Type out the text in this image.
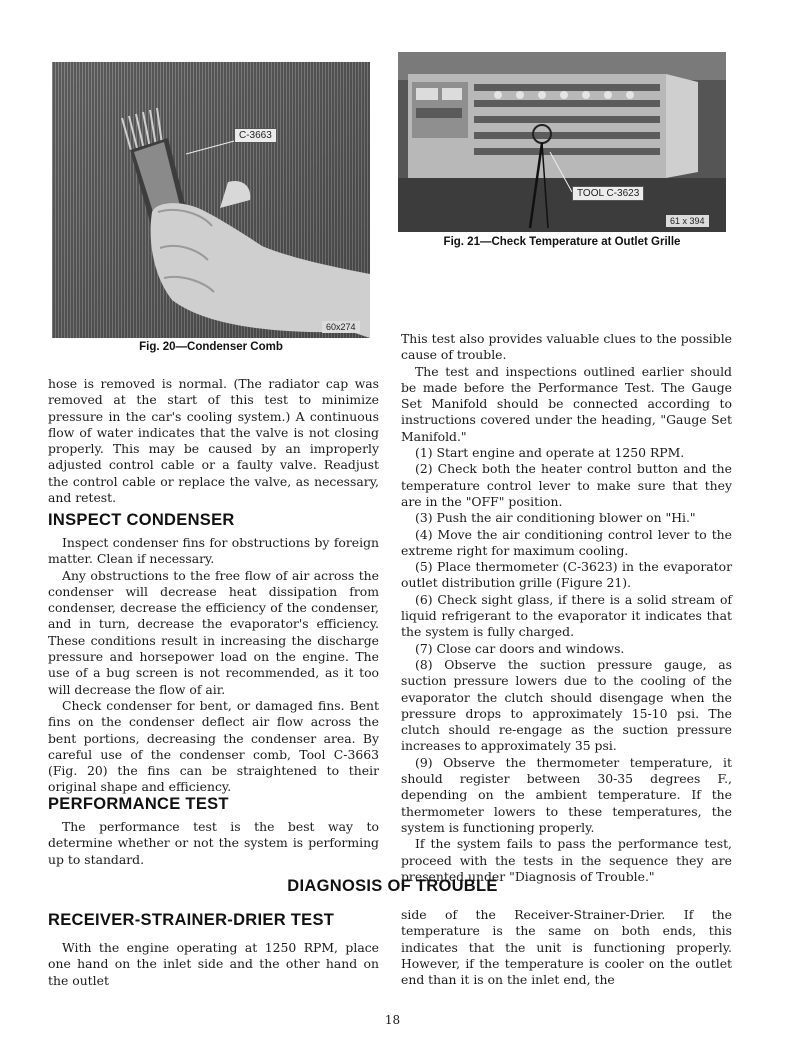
C-3663
60x274
Fig. 20—Condenser Comb
TOOL C-3623
61 x 394
Fig. 21—Check Temperature at Outlet Grille

hose is removed is normal. (The radiator cap was removed at the start of this test to minimize pressure in the car's cooling system.) A continuous flow of water indicates that the valve is not closing properly. This may be caused by an improperly adjusted control cable or a faulty valve. Readjust the control cable or replace the valve, as necessary, and retest.

INSPECT CONDENSER

Inspect condenser fins for obstructions by foreign matter. Clean if necessary.

Any obstructions to the free flow of air across the condenser will decrease heat dissipation from condenser, decrease the efficiency of the condenser, and in turn, decrease the evaporator's efficiency. These conditions result in increasing the discharge pressure and horsepower load on the engine. The use of a bug screen is not recommended, as it too will decrease the flow of air.

Check condenser for bent, or damaged fins. Bent fins on the condenser deflect air flow across the bent portions, decreasing the condenser area. By careful use of the condenser comb, Tool C-3663 (Fig. 20) the fins can be straightened to their original shape and efficiency.

PERFORMANCE TEST

The performance test is the best way to determine whether or not the system is performing up to standard.

This test also provides valuable clues to the possible cause of trouble.

The test and inspections outlined earlier should be made before the Performance Test. The Gauge Set Manifold should be connected according to instructions covered under the heading, "Gauge Set Manifold."

(1) Start engine and operate at 1250 RPM.

(2) Check both the heater control button and the temperature control lever to make sure that they are in the "OFF" position.

(3) Push the air conditioning blower on "Hi."

(4) Move the air conditioning control lever to the extreme right for maximum cooling.

(5) Place thermometer (C-3623) in the evaporator outlet distribution grille (Figure 21).

(6) Check sight glass, if there is a solid stream of liquid refrigerant to the evaporator it indicates that the system is fully charged.

(7) Close car doors and windows.

(8) Observe the suction pressure gauge, as suction pressure lowers due to the cooling of the evaporator the clutch should disengage when the pressure drops to approximately 15-10 psi. The clutch should re-engage as the suction pressure increases to approximately 35 psi.

(9) Observe the thermometer temperature, it should register between 30-35 degrees F., depending on the ambient temperature. If the thermometer lowers to these temperatures, the system is functioning properly.

If the system fails to pass the performance test, proceed with the tests in the sequence they are presented under "Diagnosis of Trouble."

DIAGNOSIS OF TROUBLE
RECEIVER-STRAINER-DRIER TEST

With the engine operating at 1250 RPM, place one hand on the inlet side and the other hand on the outlet

side of the Receiver-Strainer-Drier. If the temperature is the same on both ends, this indicates that the unit is functioning properly. However, if the temperature is cooler on the outlet end than it is on the inlet end, the

18
